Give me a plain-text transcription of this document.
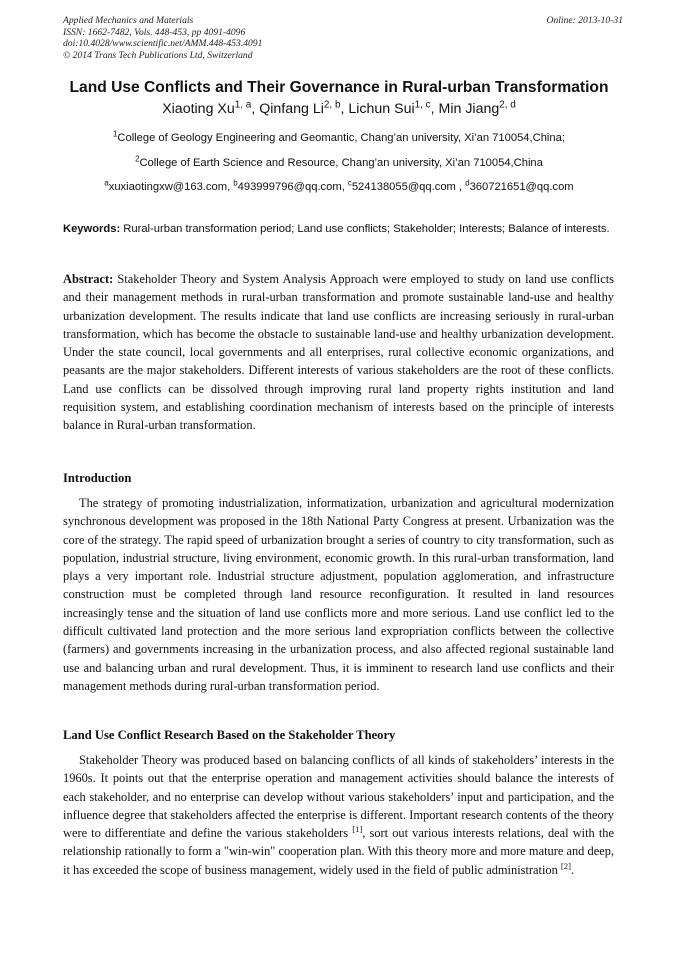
Applied Mechanics and Materials
ISSN: 1662-7482, Vols. 448-453, pp 4091-4096
doi:10.4028/www.scientific.net/AMM.448-453.4091
© 2014 Trans Tech Publications Ltd, Switzerland
Online: 2013-10-31
Land Use Conflicts and Their Governance in Rural-urban Transformation
Xiaoting Xu$^{1, a}$, Qinfang Li$^{2, b}$, Lichun Sui$^{1, c}$, Min Jiang$^{2, d}$
$^1$College of Geology Engineering and Geomantic, Chang’an university, Xi’an 710054,China;
$^2$College of Earth Science and Resource, Chang’an university, Xi’an 710054,China
$^a$xuxiaotingxw@163.com, $^b$493999796@qq.com, $^c$524138055@qq.com , $^d$360721651@qq.com
Keywords: Rural-urban transformation period; Land use conflicts; Stakeholder; Interests; Balance of interests.
Abstract: Stakeholder Theory and System Analysis Approach were employed to study on land use conflicts and their management methods in rural-urban transformation and promote sustainable land-use and healthy urbanization development. The results indicate that land use conflicts are increasing seriously in rural-urban transformation, which has become the obstacle to sustainable land-use and healthy urbanization development. Under the state council, local governments and all enterprises, rural collective economic organizations, and peasants are the major stakeholders. Different interests of various stakeholders are the root of these conflicts. Land use conflicts can be dissolved through improving rural land property rights institution and land requisition system, and establishing coordination mechanism of interests based on the principle of interests balance in Rural-urban transformation.
Introduction
The strategy of promoting industrialization, informatization, urbanization and agricultural modernization synchronous development was proposed in the 18th National Party Congress at present. Urbanization was the core of the strategy. The rapid speed of urbanization brought a series of country to city transformation, such as population, industrial structure, living environment, economic growth. In this rural-urban transformation, land plays a very important role. Industrial structure adjustment, population agglomeration, and infrastructure construction must be completed through land resource reconfiguration. It resulted in land resources increasingly tense and the situation of land use conflicts more and more serious. Land use conflict led to the difficult cultivated land protection and the more serious land expropriation conflicts between the collective (farmers) and governments increasing in the urbanization process, and also affected regional sustainable land use and balancing urban and rural development. Thus, it is imminent to research land use conflicts and their management methods during rural-urban transformation period.
Land Use Conflict Research Based on the Stakeholder Theory
Stakeholder Theory was produced based on balancing conflicts of all kinds of stakeholders’ interests in the 1960s. It points out that the enterprise operation and management activities should balance the interests of each stakeholder, and no enterprise can develop without various stakeholders’ input and participation, and the influence degree that stakeholders affected the enterprise is different. Important research contents of the theory were to differentiate and define the various stakeholders [1], sort out various interests relations, deal with the relationship rationally to form a "win-win" cooperation plan. With this theory more and more mature and deep, it has exceeded the scope of business management, widely used in the field of public administration [2].
